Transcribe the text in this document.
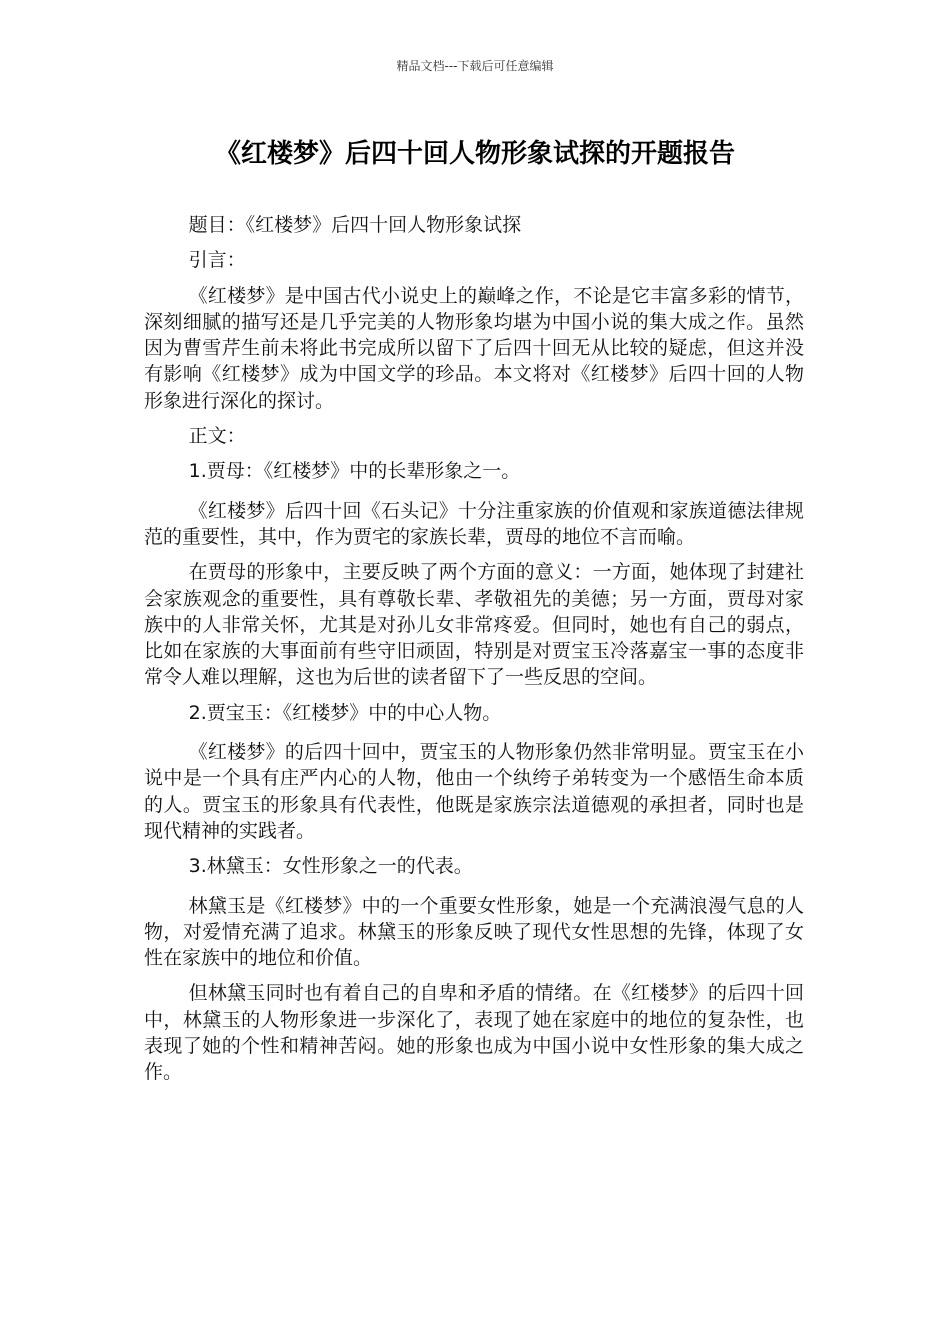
精品文档---下载后可任意编辑
《红楼梦》后四十回人物形象试探的开题报告

题目：《红楼梦》后四十回人物形象试探

引言：

《红楼梦》是中国古代小说史上的巅峰之作，不论是它丰富多彩的情节，深刻细腻的描写还是几乎完美的人物形象均堪为中国小说的集大成之作。虽然因为曹雪芹生前未将此书完成所以留下了后四十回无从比较的疑虑，但这并没有影响《红楼梦》成为中国文学的珍品。本文将对《红楼梦》后四十回的人物形象进行深化的探讨。

正文：

1.贾母：《红楼梦》中的长辈形象之一。

《红楼梦》后四十回《石头记》十分注重家族的价值观和家族道德法律规范的重要性，其中，作为贾宅的家族长辈，贾母的地位不言而喻。

在贾母的形象中，主要反映了两个方面的意义：一方面，她体现了封建社会家族观念的重要性，具有尊敬长辈、孝敬祖先的美德；另一方面，贾母对家族中的人非常关怀，尤其是对孙儿女非常疼爱。但同时，她也有自己的弱点，比如在家族的大事面前有些守旧顽固，特别是对贾宝玉冷落嘉宝一事的态度非常令人难以理解，这也为后世的读者留下了一些反思的空间。

2.贾宝玉：《红楼梦》中的中心人物。

《红楼梦》的后四十回中，贾宝玉的人物形象仍然非常明显。贾宝玉在小说中是一个具有庄严内心的人物，他由一个纨绔子弟转变为一个感悟生命本质的人。贾宝玉的形象具有代表性，他既是家族宗法道德观的承担者，同时也是现代精神的实践者。

3.林黛玉：女性形象之一的代表。

林黛玉是《红楼梦》中的一个重要女性形象，她是一个充满浪漫气息的人物，对爱情充满了追求。林黛玉的形象反映了现代女性思想的先锋，体现了女性在家族中的地位和价值。

但林黛玉同时也有着自己的自卑和矛盾的情绪。在《红楼梦》的后四十回中，林黛玉的人物形象进一步深化了，表现了她在家庭中的地位的复杂性，也表现了她的个性和精神苦闷。她的形象也成为中国小说中女性形象的集大成之作。
